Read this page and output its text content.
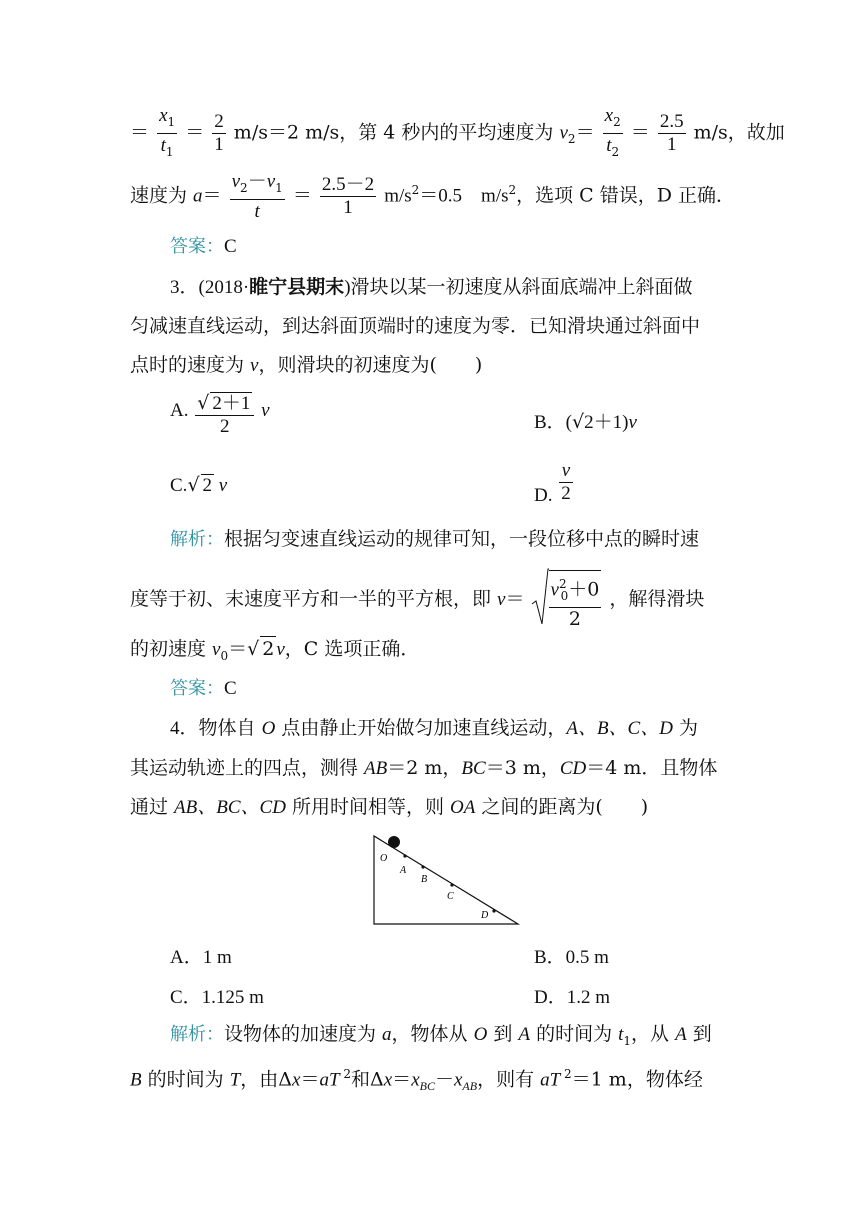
＝ $\frac{x_1}{t_1} = \frac{2}{1} m/s=2$ m/s，第 4 秒内的平均速度为 $v_2= \frac{x_2}{t_2} = \frac{2.5}{1} m/s$，故加
速度为 $a= \frac{v_2-v_1}{t} = \frac{2.5-2}{1} m/s^2=0.5$　$m/s^2$，选项 C 错误，D 正确．
答案：C
3．(2018·睢宁县期末)滑块以某一初速度从斜面底端冲上斜面做
匀减速直线运动，到达斜面顶端时的速度为零．已知滑块通过斜面中
点时的速度为 v，则滑块的初速度为(　　)
A. $\frac{√ 2+1}{2}$ v
B．(√2＋1)v
C.√ 2 v	D. $\frac{v}{2}$
解析：根据匀变速直线运动的规律可知，一段位移中点的瞬时速
度等于初、末速度平方和一半的平方根，即 $v= \frac{v^2_0+0}{2}$ ，解得滑块
的初速度 $v_0=√$ 2 v，C 选项正确．
答案：C
4．物体自 O 点由静止开始做匀加速直线运动，A、B、C、D 为
其运动轨迹上的四点，测得 AB＝2 m，BC＝3 m，CD＝4 m．且物体
通过 AB、BC、CD 所用时间相等，则 OA 之间的距离为(　　)
O
A
B
C
D
A．1 m	B．0.5 m
C．1.125 m	D．1.2 m
解析：设物体的加速度为 a，物体从 O 到 A 的时间为 $t_1$，从 A 到
B 的时间为 T，由Δx＝aT $^2$和$\Delta x=x_{BC}-x_{AB}$，则有 aT $^2$＝1 m，物体经
